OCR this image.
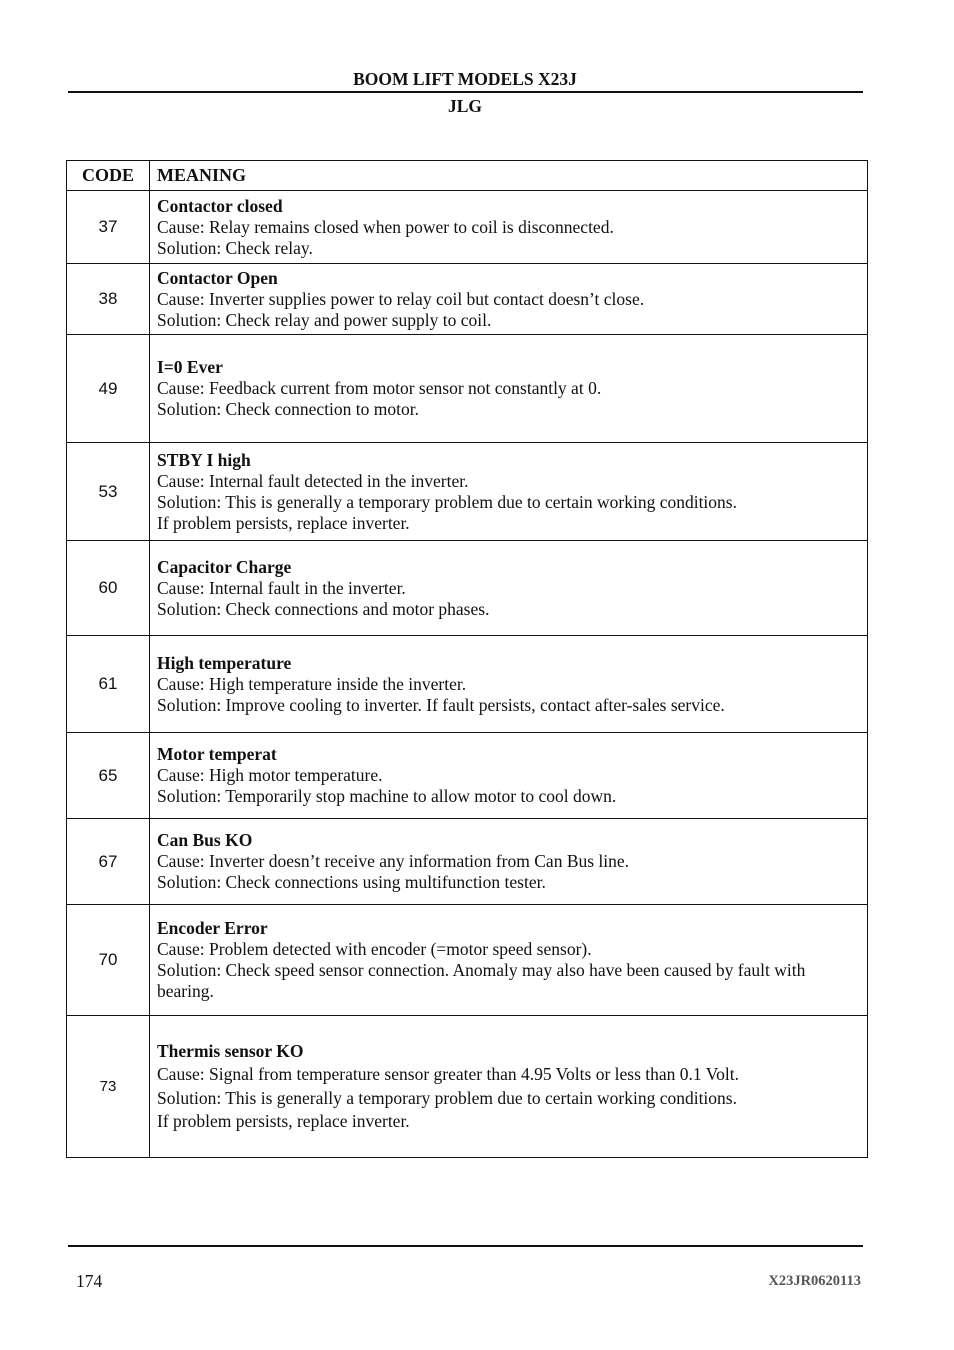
BOOM LIFT MODELS X23J
JLG
CODE	MEANING
37	Contactor closed
Cause: Relay remains closed when power to coil is disconnected.
Solution: Check relay.

38	Contactor Open
Cause: Inverter supplies power to relay coil but contact doesn’t close.
Solution: Check relay and power supply to coil.

49	I=0 Ever
Cause: Feedback current from motor sensor not constantly at 0.
Solution: Check connection to motor.

53	STBY I high
Cause: Internal fault detected in the inverter.
Solution: This is generally a temporary problem due to certain working conditions.
If problem persists, replace inverter.

60	Capacitor Charge
Cause: Internal fault in the inverter.
Solution: Check connections and motor phases.

61	High temperature
Cause: High temperature inside the inverter.
Solution: Improve cooling to inverter. If fault persists, contact after-sales service.

65	Motor temperat
Cause: High motor temperature.
Solution: Temporarily stop machine to allow motor to cool down.

67	Can Bus KO
Cause: Inverter doesn’t receive any information from Can Bus line.
Solution: Check connections using multifunction tester.

70	Encoder Error
Cause: Problem detected with encoder (=motor speed sensor).
Solution: Check speed sensor connection. Anomaly may also have been caused by fault with bearing.

73	Thermis sensor KO
Cause: Signal from temperature sensor greater than 4.95 Volts or less than 0.1 Volt.
Solution: This is generally a temporary problem due to certain working conditions.
If problem persists, replace inverter.
174	X23JR0620113
